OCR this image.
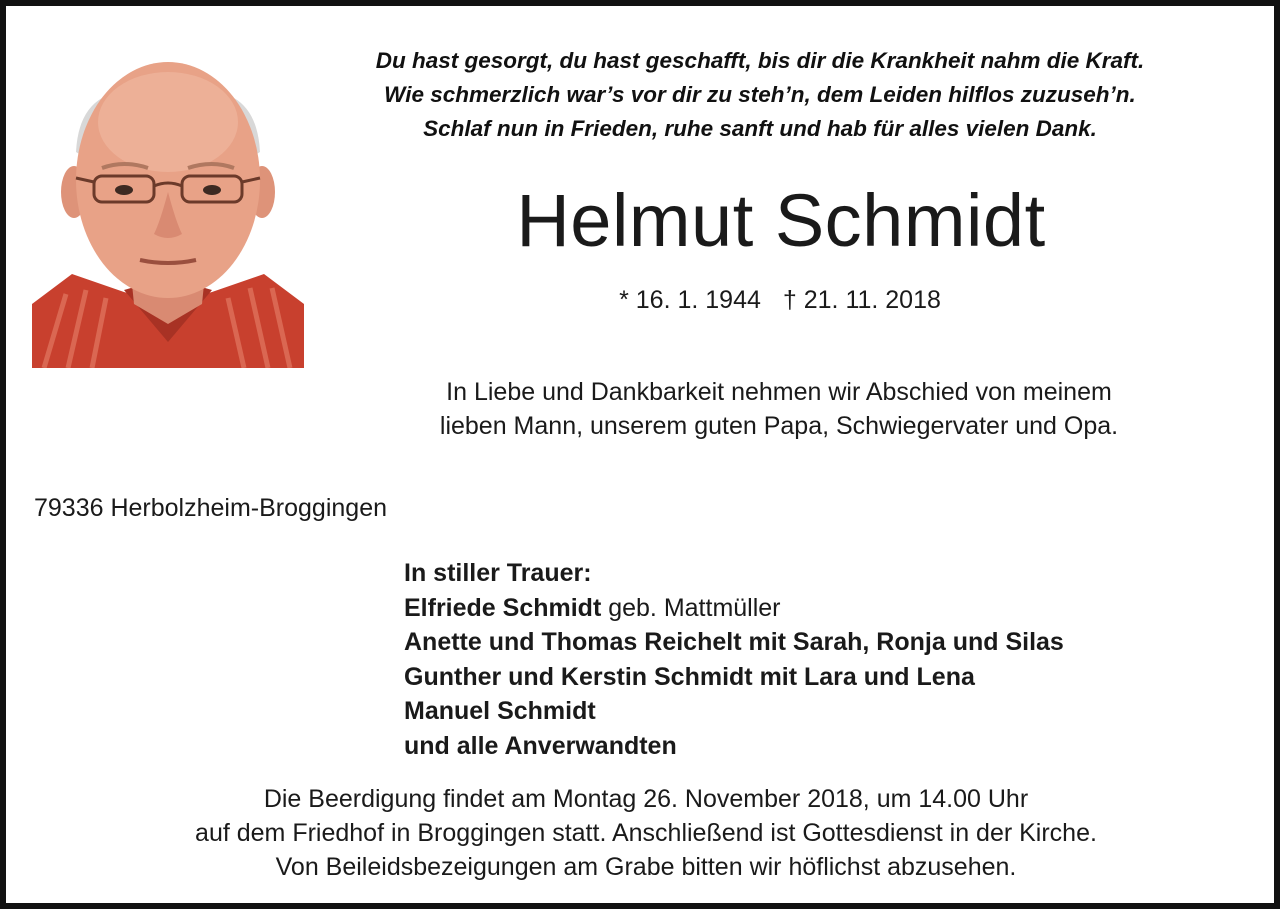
Du hast gesorgt, du hast geschafft, bis dir die Krankheit nahm die Kraft.
Wie schmerzlich war’s vor dir zu steh’n, dem Leiden hilflos zuzuseh’n.
Schlaf nun in Frieden, ruhe sanft und hab für alles vielen Dank.
Helmut Schmidt
* 16. 1. 1944 † 21. 11. 2018
In Liebe und Dankbarkeit nehmen wir Abschied von meinem
lieben Mann, unserem guten Papa, Schwiegervater und Opa.
79336 Herbolzheim-Broggingen
In stiller Trauer:
Elfriede Schmidt geb. Mattmüller
Anette und Thomas Reichelt mit Sarah, Ronja und Silas
Gunther und Kerstin Schmidt mit Lara und Lena
Manuel Schmidt
und alle Anverwandten
Die Beerdigung findet am Montag 26. November 2018, um 14.00 Uhr
auf dem Friedhof in Broggingen statt. Anschließend ist Gottesdienst in der Kirche.
Von Beileidsbezeigungen am Grabe bitten wir höflichst abzusehen.
